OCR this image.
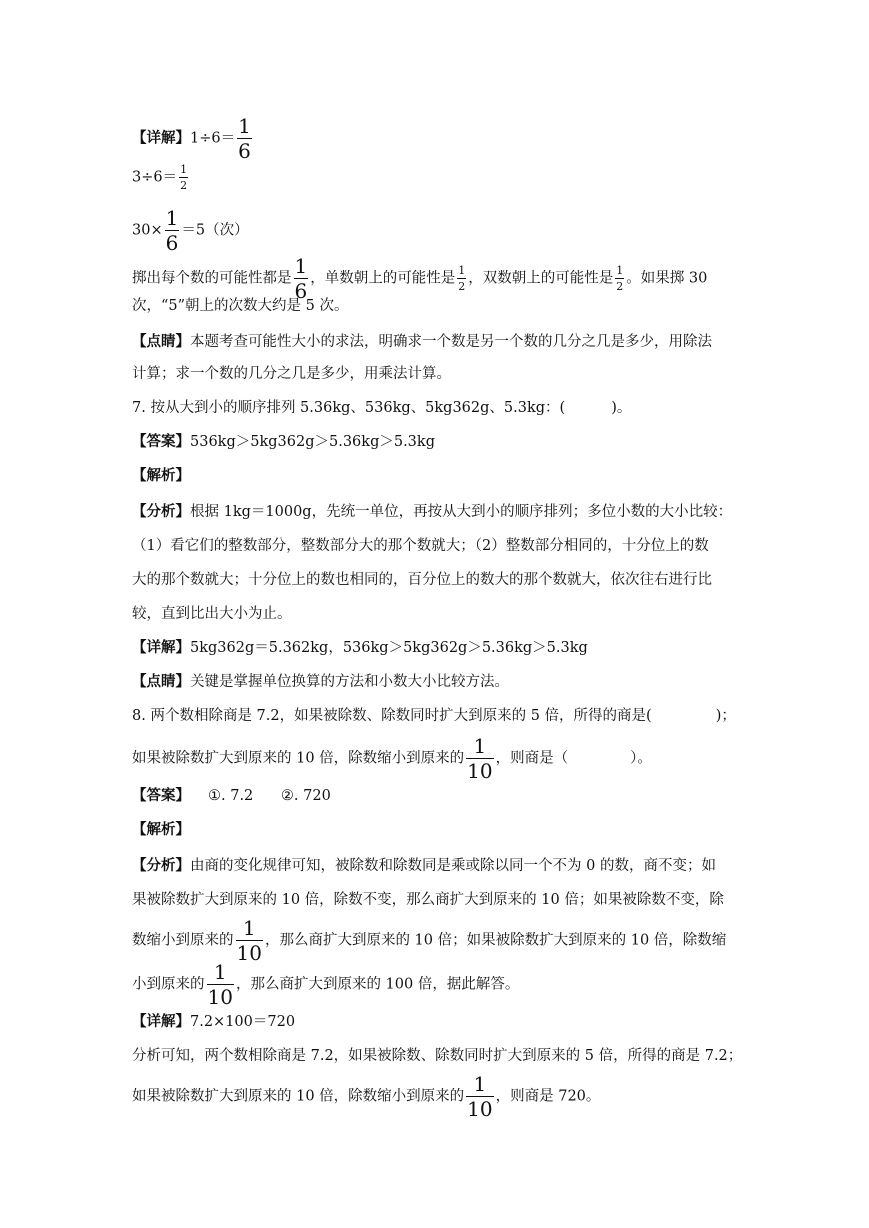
【详解】$1\div 6= \frac{1}{6}$
$3\div 6= \frac{1}{2}$
$30\times \frac{1}{6} =5$（次）
掷出每个数的可能性都是 $\frac{1}{6}$ ，单数朝上的可能性是 $\frac{1}{2}$ ，双数朝上的可能性是 $\frac{1}{2}$ 。如果掷 30
次，“5”朝上的次数大约是 5 次。
【点睛】本题考查可能性大小的求法，明确求一个数是另一个数的几分之几是多少，用除法
计算；求一个数的几分之几是多少，用乘法计算。
7. 按从大到小的顺序排列 5.36kg、536kg、5kg362g、5.3kg：(	)。
【答案】536kg＞5kg362g＞5.36kg＞5.3kg
【解析】
【分析】根据 1kg＝1000g，先统一单位，再按从大到小的顺序排列；多位小数的大小比较：
（1）看它们的整数部分，整数部分大的那个数就大；（2）整数部分相同的，十分位上的数
大的那个数就大；十分位上的数也相同的，百分位上的数大的那个数就大，依次往右进行比
较，直到比出大小为止。
【详解】5kg362g＝5.362kg，536kg＞5kg362g＞5.36kg＞5.3kg
【点睛】关键是掌握单位换算的方法和小数大小比较方法。
8. 两个数相除商是 7.2，如果被除数、除数同时扩大到原来的 5 倍，所得的商是(	)；
如果被除数扩大到原来的 10 倍，除数缩小到原来的 $\frac{1}{10}$ ，则商是（	）。
【答案】 ①. 7.2      ②. 720
【解析】
【分析】由商的变化规律可知，被除数和除数同是乘或除以同一个不为 0 的数，商不变；如
果被除数扩大到原来的 10 倍，除数不变，那么商扩大到原来的 10 倍；如果被除数不变，除
数缩小到原来的 $\frac{1}{10}$ ，那么商扩大到原来的 10 倍；如果被除数扩大到原来的 10 倍，除数缩
小到原来的 $\frac{1}{10}$ ，那么商扩大到原来的 100 倍，据此解答。
【详解】7.2×100＝720
分析可知，两个数相除商是 7.2，如果被除数、除数同时扩大到原来的 5 倍，所得的商是 7.2；
如果被除数扩大到原来的 10 倍，除数缩小到原来的 $\frac{1}{10}$ ，则商是 720。
